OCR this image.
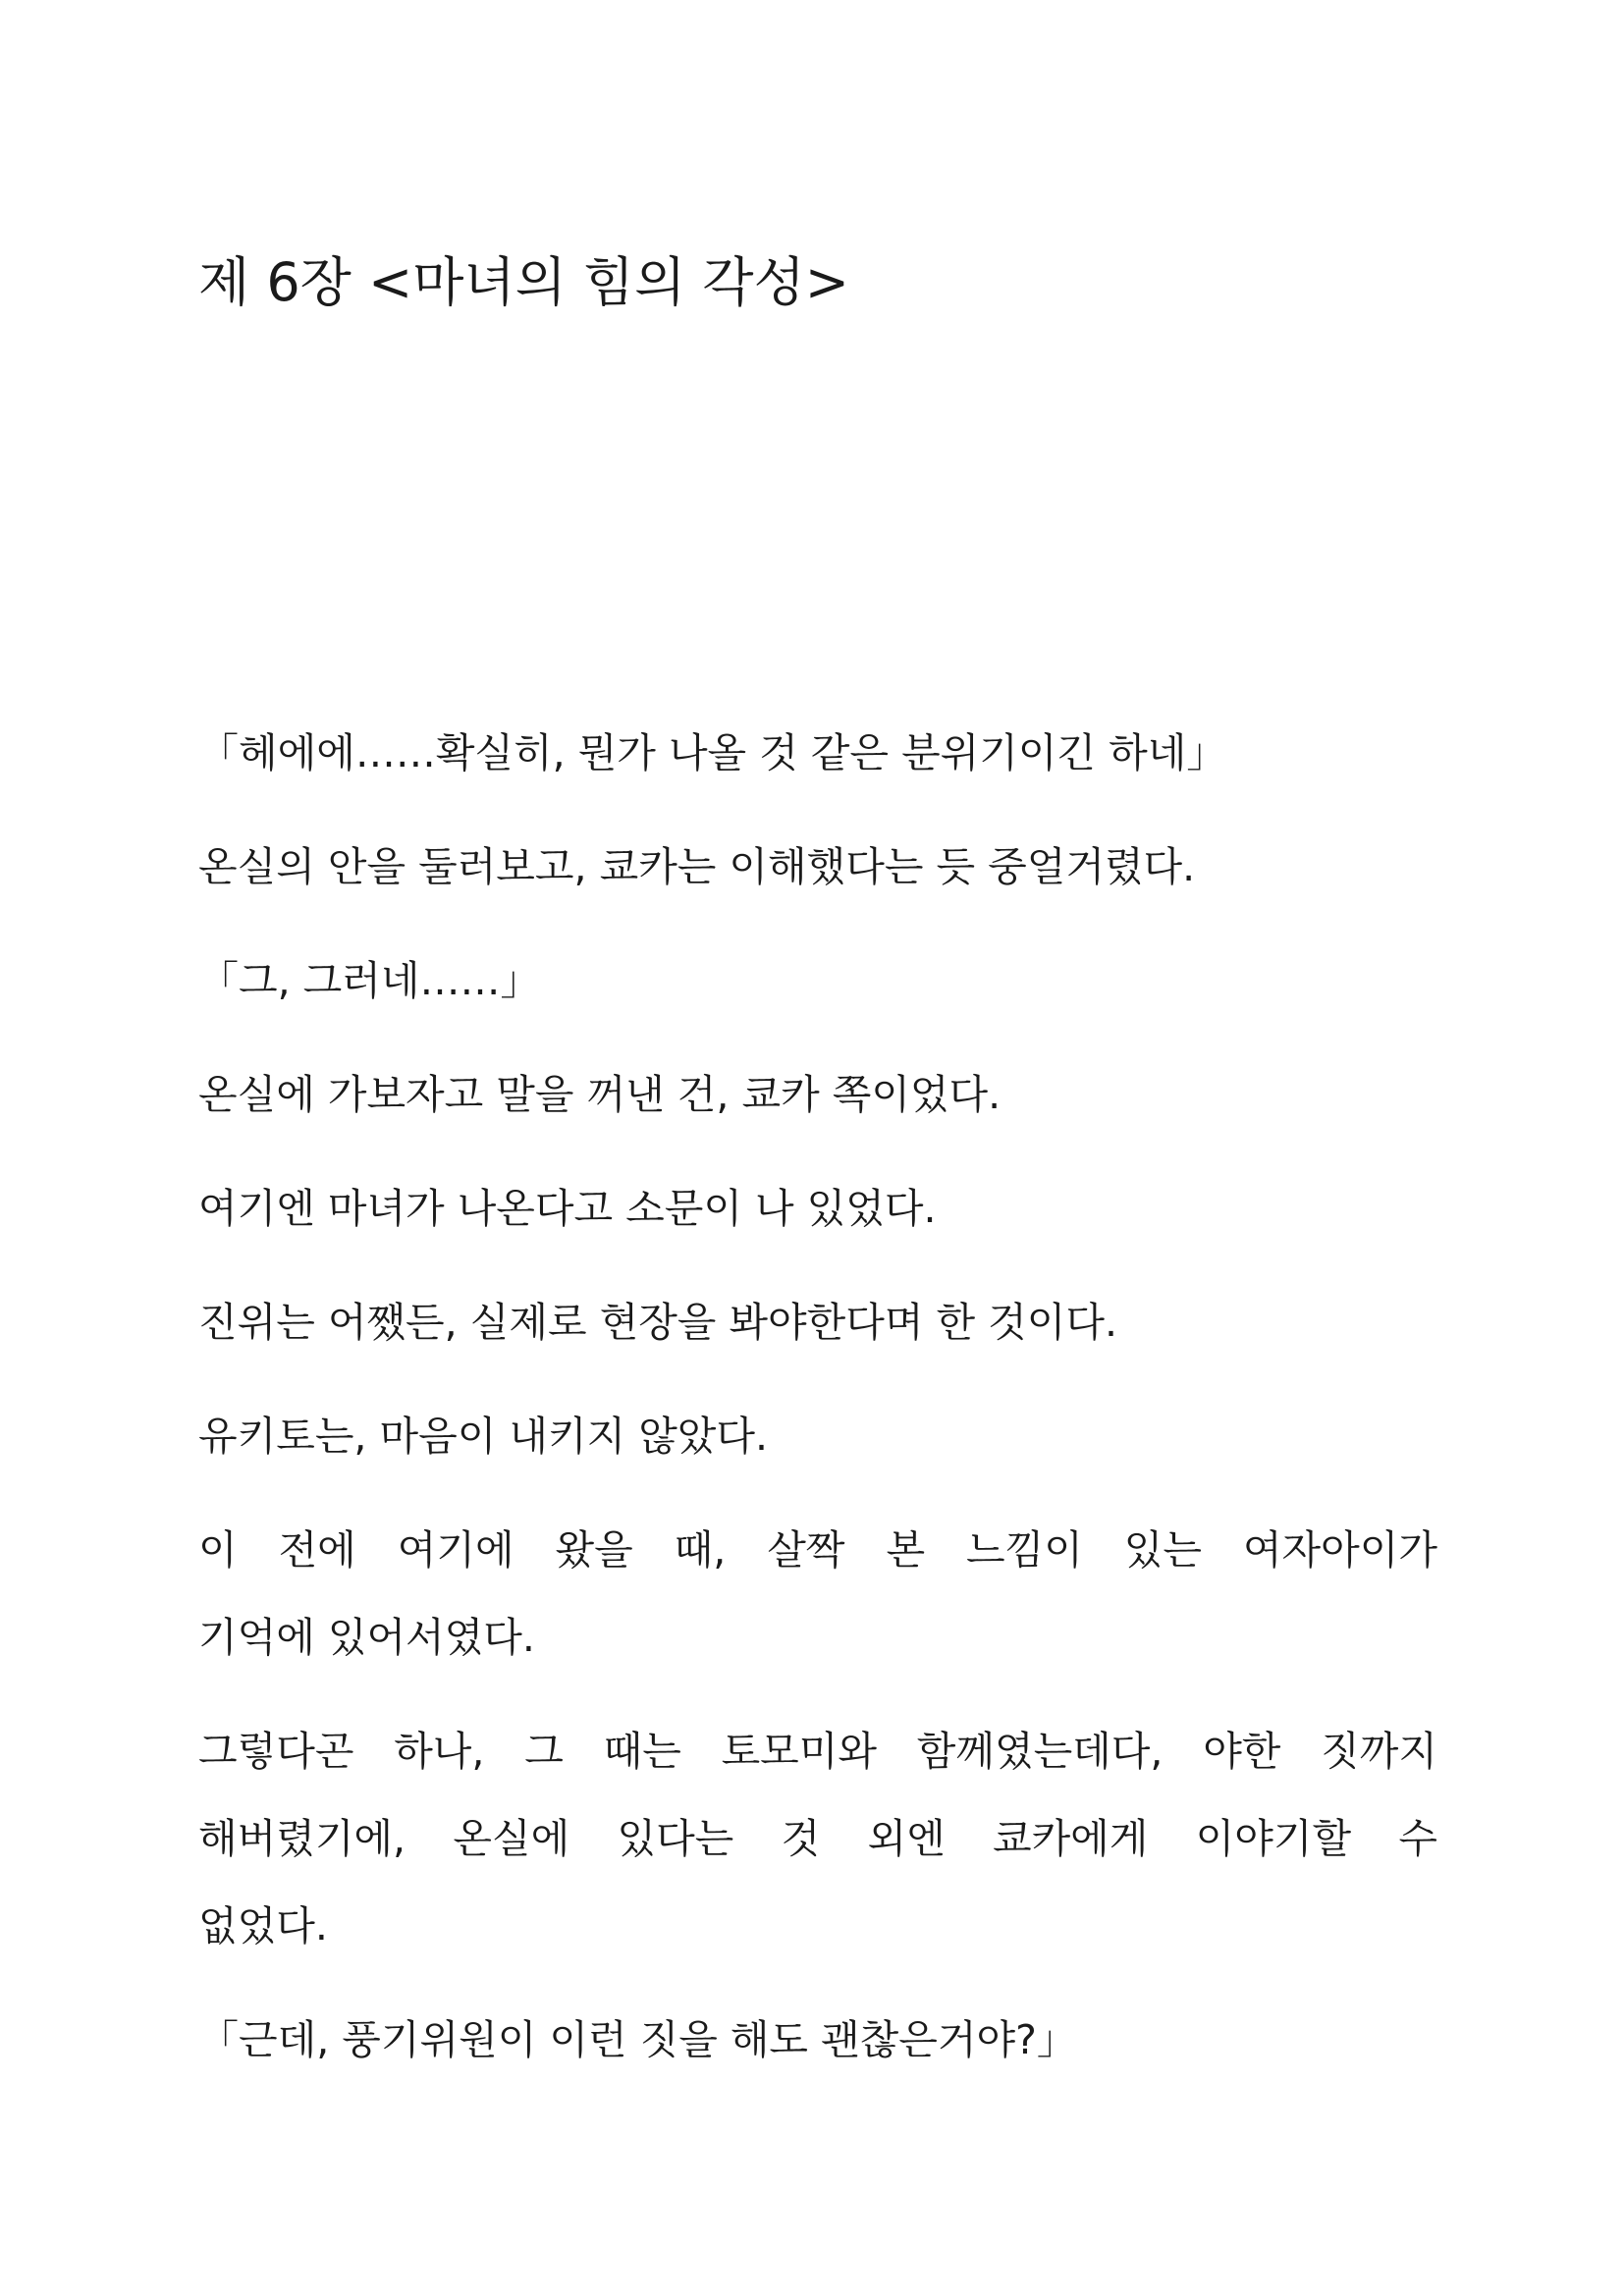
제 6장 <마녀의 힘의 각성>
「헤에에……확실히, 뭔가 나올 것 같은 분위기이긴 하네」
온실의 안을 둘러보고, 쿄카는 이해했다는 듯 중얼거렸다.
「그, 그러네……」
온실에 가보자고 말을 꺼낸 건, 쿄카 쪽이었다.
여기엔 마녀가 나온다고 소문이 나 있었다.
진위는 어쨌든, 실제로 현장을 봐야한다며 한 것이다.
유키토는, 마음이 내키지 않았다.
이 전에 여기에 왔을 때, 살짝 본 느낌이 있는 여자아이가
기억에 있어서였다.
그렇다곤 하나, 그 때는 토모미와 함께였는데다, 야한 짓까지
해버렸기에, 온실에 있다는 것 외엔 쿄카에게 이야기할 수
없었다.
「근데, 풍기위원이 이런 짓을 해도 괜찮은거야?」
